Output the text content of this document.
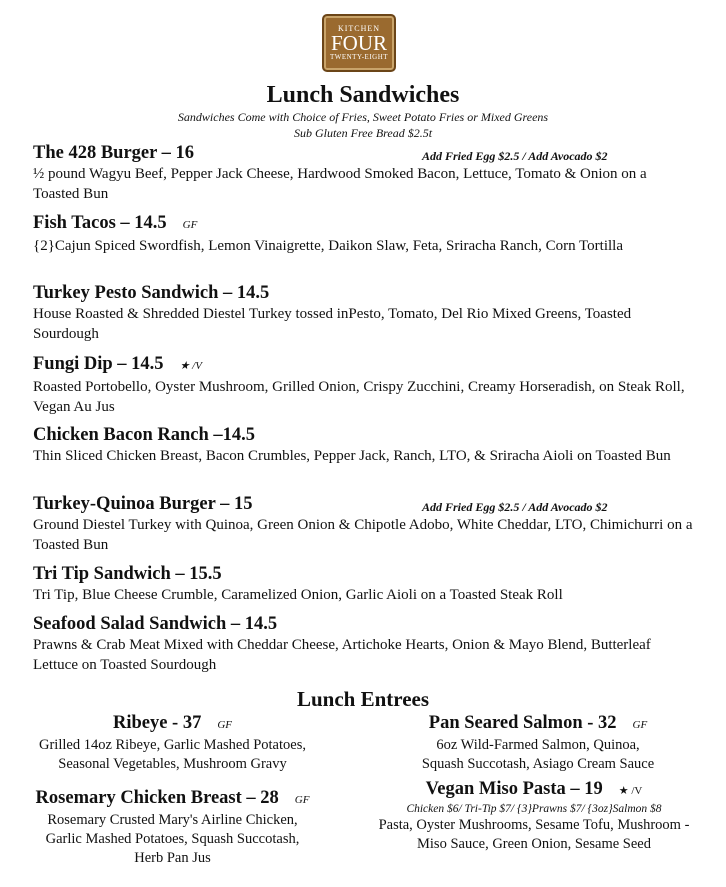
KITCHEN
FOUR
TWENTY-EIGHT
Lunch Sandwiches
Sandwiches Come with Choice of Fries, Sweet Potato Fries or Mixed Greens
Sub Gluten Free Bread $2.5t
The 428 Burger – 16	Add Fried Egg $2.5 / Add Avocado $2
½ pound Wagyu Beef, Pepper Jack Cheese, Hardwood Smoked Bacon, Lettuce, Tomato & Onion on a Toasted Bun
Fish Tacos – 14.5 GF
{2}Cajun Spiced Swordfish, Lemon Vinaigrette, Daikon Slaw, Feta, Sriracha Ranch, Corn Tortilla
Turkey Pesto Sandwich – 14.5
House Roasted & Shredded Diestel Turkey tossed inPesto, Tomato, Del Rio Mixed Greens, Toasted Sourdough
Fungi Dip – 14.5 ★ /V
Roasted Portobello, Oyster Mushroom, Grilled Onion, Crispy Zucchini, Creamy Horseradish, on Steak Roll, Vegan Au Jus
Chicken Bacon Ranch –14.5
Thin Sliced Chicken Breast, Bacon Crumbles, Pepper Jack, Ranch, LTO, & Sriracha Aioli on Toasted Bun
Turkey-Quinoa Burger – 15	Add Fried Egg $2.5 / Add Avocado $2
Ground Diestel Turkey with Quinoa, Green Onion & Chipotle Adobo, White Cheddar, LTO, Chimichurri on a Toasted Bun
Tri Tip Sandwich – 15.5
Tri Tip, Blue Cheese Crumble, Caramelized Onion, Garlic Aioli on a Toasted Steak Roll
Seafood Salad Sandwich – 14.5
Prawns & Crab Meat Mixed with Cheddar Cheese, Artichoke Hearts, Onion & Mayo Blend, Butterleaf Lettuce on Toasted Sourdough
Lunch Entrees
Ribeye - 37 GF
Grilled 14oz Ribeye, Garlic Mashed Potatoes,
Seasonal Vegetables, Mushroom Gravy
Rosemary Chicken Breast – 28 GF
Rosemary Crusted Mary's Airline Chicken,
Garlic Mashed Potatoes, Squash Succotash,
Herb Pan Jus
Pan Seared Salmon - 32 GF
6oz Wild-Farmed Salmon, Quinoa,
Squash Succotash, Asiago Cream Sauce
Vegan Miso Pasta – 19 ★ /V
Chicken $6/ Tri-Tip $7/ {3}Prawns $7/ {3oz}Salmon $8
Pasta, Oyster Mushrooms, Sesame Tofu, Mushroom -
Miso Sauce, Green Onion, Sesame Seed
